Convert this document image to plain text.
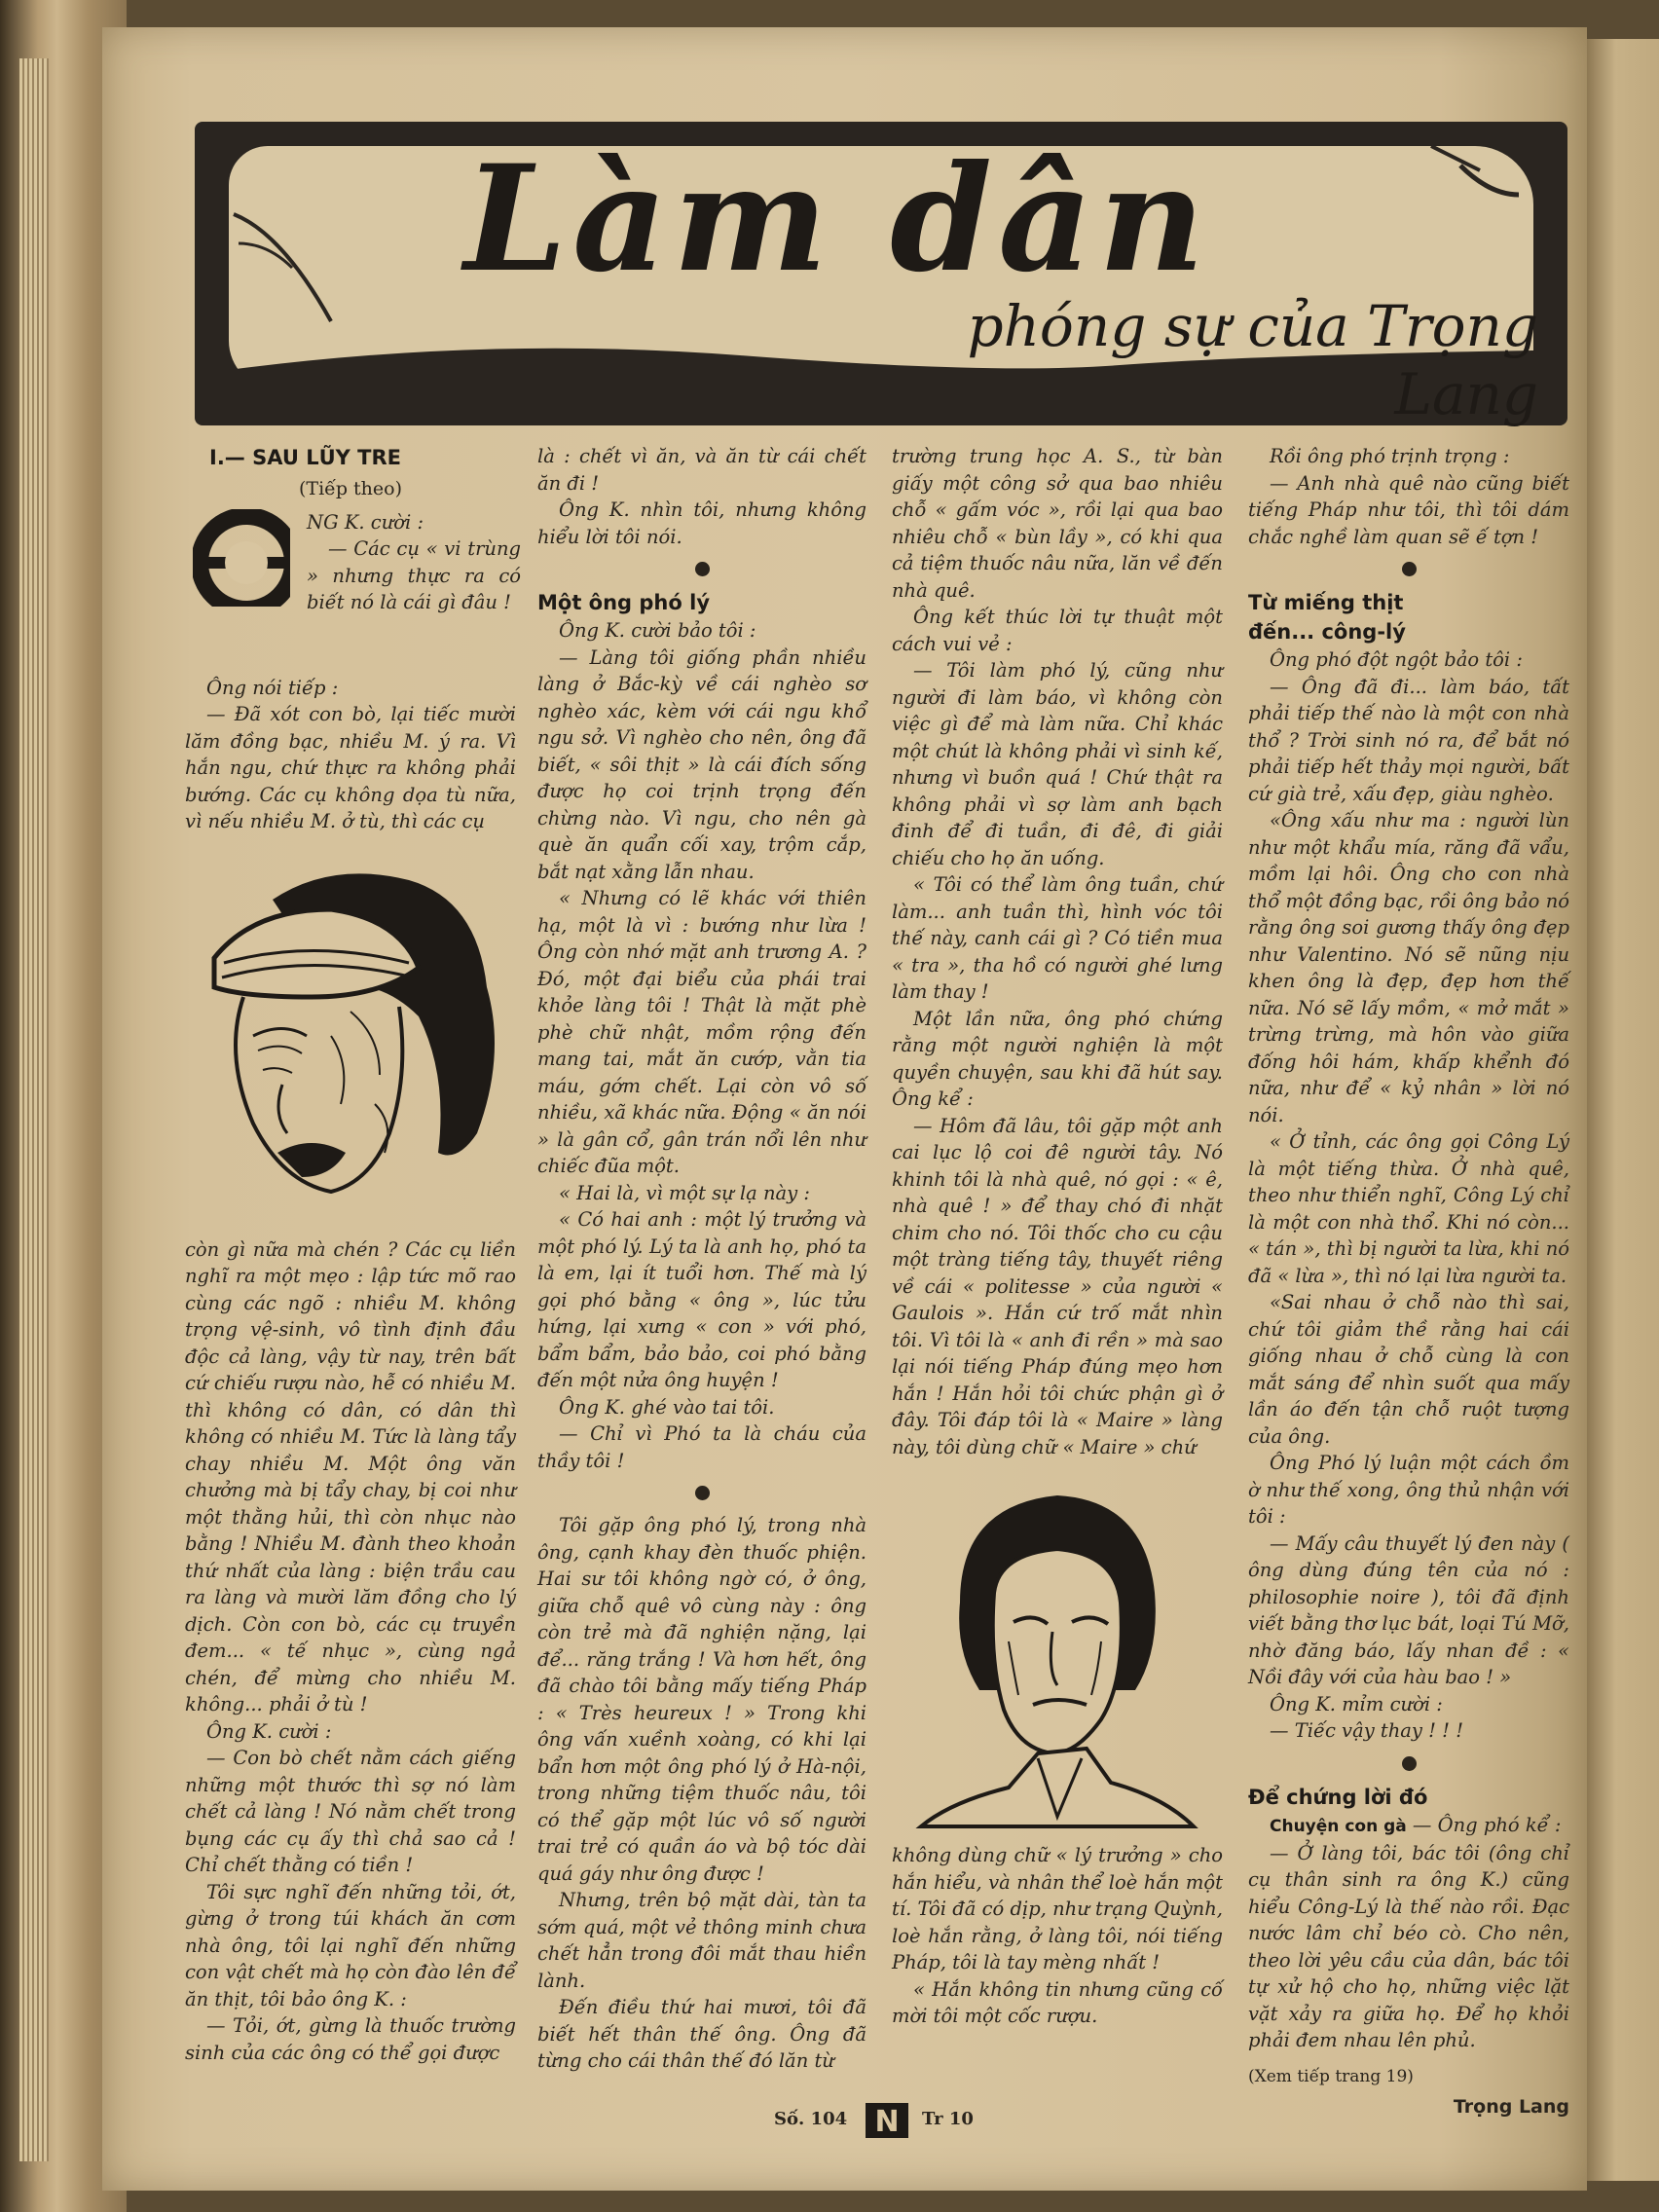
Làm dân
phóng sự của Trọng Lang
I.— SAU LŨY TRE
(Tiếp theo)

NG K. cười :

— Các cụ « vi trùng » nhưng thực ra có biết nó là cái gì đâu !

Ông nói tiếp :

— Đã xót con bò, lại tiếc mười lăm đồng bạc, nhiều M. ý ra. Vì hắn ngu, chứ thực ra không phải bướng. Các cụ không dọa tù nữa, vì nếu nhiều M. ở tù, thì các cụ

còn gì nữa mà chén ? Các cụ liền nghĩ ra một mẹo : lập tức mõ rao cùng các ngõ : nhiều M. không trọng vệ-sinh, vô tình định đầu độc cả làng, vậy từ nay, trên bất cứ chiếu rượu nào, hễ có nhiều M. thì không có dân, có dân thì không có nhiều M. Tức là làng tẩy chay nhiều M. Một ông văn chưởng mà bị tẩy chay, bị coi như một thằng hủi, thì còn nhục nào bằng ! Nhiều M. đành theo khoản thứ nhất của làng : biện trầu cau ra làng và mười lăm đồng cho lý dịch. Còn con bò, các cụ truyền đem... « tế nhục », cùng ngả chén, để mừng cho nhiều M. không... phải ở tù !

Ông K. cười :

— Con bò chết nằm cách giếng những một thước thì sợ nó làm chết cả làng ! Nó nằm chết trong bụng các cụ ấy thì chả sao cả ! Chỉ chết thằng có tiền !

Tôi sực nghĩ đến những tỏi, ớt, gừng ở trong túi khách ăn cơm nhà ông, tôi lại nghĩ đến những con vật chết mà họ còn đào lên để ăn thịt, tôi bảo ông K. :

— Tỏi, ớt, gừng là thuốc trường sinh của các ông có thể gọi được

là : chết vì ăn, và ăn từ cái chết ăn đi !

Ông K. nhìn tôi, nhưng không hiểu lời tôi nói.

Một ông phó lý

Ông K. cười bảo tôi :

— Làng tôi giống phần nhiều làng ở Bắc-kỳ về cái nghèo sơ nghèo xác, kèm với cái ngu khổ ngu sở. Vì nghèo cho nên, ông đã biết, « sôi thịt » là cái đích sống được họ coi trịnh trọng đến chừng nào. Vì ngu, cho nên gà què ăn quẩn cối xay, trộm cắp, bắt nạt xằng lẫn nhau.

« Nhưng có lẽ khác với thiên hạ, một là vì : bướng như lừa ! Ông còn nhớ mặt anh trương A. ? Đó, một đại biểu của phái trai khỏe làng tôi ! Thật là mặt phè phè chữ nhật, mồm rộng đến mang tai, mắt ăn cướp, vằn tia máu, gớm chết. Lại còn vô số nhiều, xã khác nữa. Động « ăn nói » là gân cổ, gân trán nổi lên như chiếc đũa một.

« Hai là, vì một sự lạ này :

« Có hai anh : một lý trưởng và một phó lý. Lý ta là anh họ, phó ta là em, lại ít tuổi hơn. Thế mà lý gọi phó bằng « ông », lúc tửu hứng, lại xưng « con » với phó, bẩm bẩm, bảo bảo, coi phó bằng đến một nửa ông huyện !

Ông K. ghé vào tai tôi.

— Chỉ vì Phó ta là cháu của thầy tôi !

Tôi gặp ông phó lý, trong nhà ông, cạnh khay đèn thuốc phiện. Hai sư tôi không ngờ có, ở ông, giữa chỗ quê vô cùng này : ông còn trẻ mà đã nghiện nặng, lại để... răng trắng ! Và hơn hết, ông đã chào tôi bằng mấy tiếng Pháp : « Très heureux ! » Trong khi ông vấn xuềnh xoàng, có khi lại bẩn hơn một ông phó lý ở Hà-nội, trong những tiệm thuốc nâu, tôi có thể gặp một lúc vô số người trai trẻ có quần áo và bộ tóc dài quá gáy như ông được !

Nhưng, trên bộ mặt dài, tàn ta sớm quá, một vẻ thông minh chưa chết hẳn trong đôi mắt thau hiền lành.

Đến điều thứ hai mươi, tôi đã biết hết thân thế ông. Ông đã từng cho cái thân thế đó lăn từ

trường trung học A. S., từ bàn giấy một công sở qua bao nhiêu chỗ « gấm vóc », rồi lại qua bao nhiêu chỗ « bùn lầy », có khi qua cả tiệm thuốc nâu nữa, lăn về đến nhà quê.

Ông kết thúc lời tự thuật một cách vui vẻ :

— Tôi làm phó lý, cũng như người đi làm báo, vì không còn việc gì để mà làm nữa. Chỉ khác một chút là không phải vì sinh kế, nhưng vì buồn quá ! Chứ thật ra không phải vì sợ làm anh bạch đinh để đi tuần, đi đê, đi giải chiếu cho họ ăn uống.

« Tôi có thể làm ông tuần, chứ làm... anh tuần thì, hình vóc tôi thế này, canh cái gì ? Có tiền mua « tra », tha hồ có người ghé lưng làm thay !

Một lần nữa, ông phó chứng rằng một người nghiện là một quyền chuyện, sau khi đã hút say. Ông kể :

— Hôm đã lâu, tôi gặp một anh cai lục lộ coi đê người tây. Nó khinh tôi là nhà quê, nó gọi : « ê, nhà quê ! » để thay chó đi nhặt chim cho nó. Tôi thốc cho cu cậu một tràng tiếng tây, thuyết riêng về cái « politesse » của người « Gaulois ». Hắn cứ trố mắt nhìn tôi. Vì tôi là « anh đi rền » mà sao lại nói tiếng Pháp đúng mẹo hơn hắn ! Hắn hỏi tôi chức phận gì ở đây. Tôi đáp tôi là « Maire » làng này, tôi dùng chữ « Maire » chứ

không dùng chữ « lý trưởng » cho hắn hiểu, và nhân thể loè hắn một tí. Tôi đã có dịp, như trạng Quỳnh, loè hắn rằng, ở làng tôi, nói tiếng Pháp, tôi là tay mèng nhất !

« Hắn không tin nhưng cũng cố mời tôi một cốc rượu.

Rồi ông phó trịnh trọng :

— Anh nhà quê nào cũng biết tiếng Pháp như tôi, thì tôi dám chắc nghề làm quan sẽ ế tợn !

Từ miếng thịt
đến... công-lý

Ông phó đột ngột bảo tôi :

— Ông đã đi... làm báo, tất phải tiếp thế nào là một con nhà thổ ? Trời sinh nó ra, để bắt nó phải tiếp hết thảy mọi người, bất cứ già trẻ, xấu đẹp, giàu nghèo.

«Ông xấu như ma : người lùn như một khẩu mía, răng đã vẩu, mồm lại hôi. Ông cho con nhà thổ một đồng bạc, rồi ông bảo nó rằng ông soi gương thấy ông đẹp như Valentino. Nó sẽ nũng nịu khen ông là đẹp, đẹp hơn thế nữa. Nó sẽ lấy mồm, « mở mắt » trừng trừng, mà hôn vào giữa đống hôi hám, khấp khểnh đó nữa, như để « kỷ nhân » lời nó nói.

« Ở tỉnh, các ông gọi Công Lý là một tiếng thừa. Ở nhà quê, theo như thiển nghĩ, Công Lý chỉ là một con nhà thổ. Khi nó còn... « tán », thì bị người ta lừa, khi nó đã « lừa », thì nó lại lừa người ta.

«Sai nhau ở chỗ nào thì sai, chứ tôi giảm thề rằng hai cái giống nhau ở chỗ cùng là con mắt sáng để nhìn suốt qua mấy lần áo đến tận chỗ ruột tượng của ông.

Ông Phó lý luận một cách ồm ờ như thế xong, ông thủ nhận với tôi :

— Mấy câu thuyết lý đen này ( ông dùng đúng tên của nó : philosophie noire ), tôi đã định viết bằng thơ lục bát, loại Tú Mỡ, nhờ đăng báo, lấy nhan đề : « Nồi đây với của hàu bao ! »

Ông K. mỉm cười :

— Tiếc vậy thay ! ! !

Để chứng lời đó

Chuyện con gà — Ông phó kể :

— Ở làng tôi, bác tôi (ông chỉ cụ thân sinh ra ông K.) cũng hiểu Công-Lý là thế nào rồi. Đạc nước lâm chỉ béo cò. Cho nên, theo lời yêu cầu của dân, bác tôi tự xử hộ cho họ, những việc lặt vặt xảy ra giữa họ. Để họ khỏi phải đem nhau lên phủ.

(Xem tiếp trang 19)
Trọng Lang
Số. 104 N Tr 10
